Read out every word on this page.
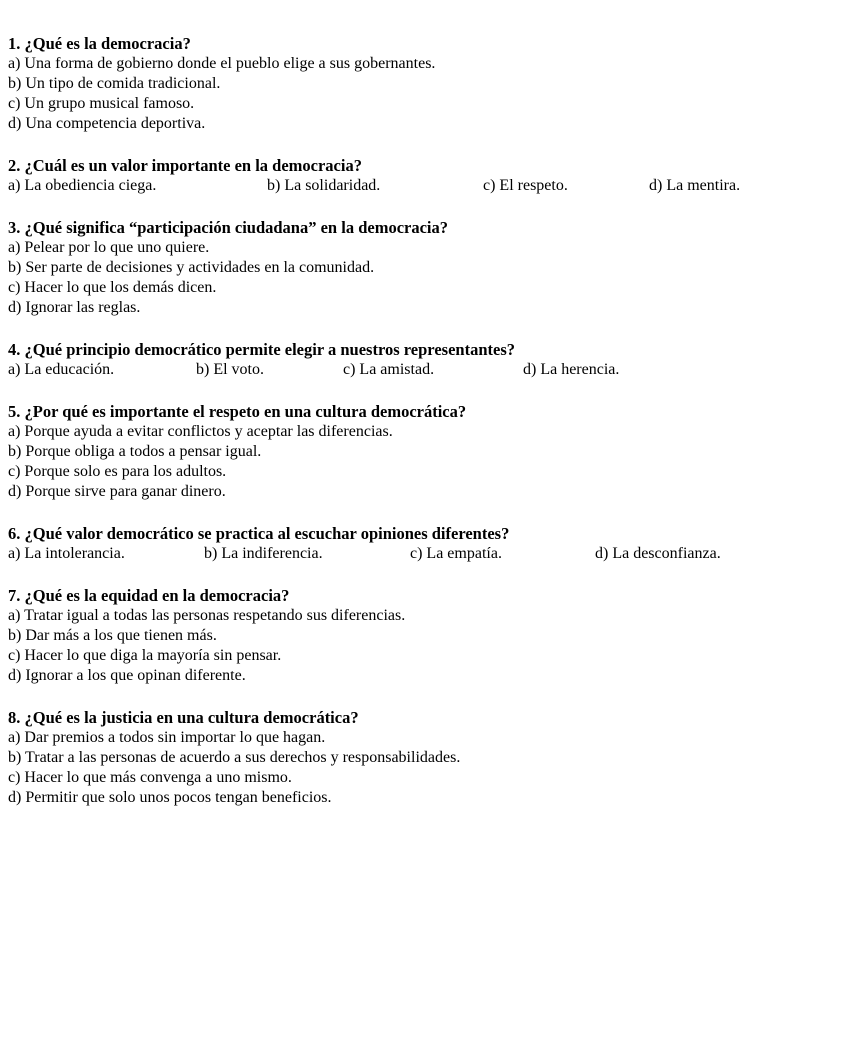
1. ¿Qué es la democracia?
a) Una forma de gobierno donde el pueblo elige a sus gobernantes.
b) Un tipo de comida tradicional.
c) Un grupo musical famoso.
d) Una competencia deportiva.
2. ¿Cuál es un valor importante en la democracia?
a) La obediencia ciega.	b) La solidaridad.	c) El respeto.	d) La mentira.
3. ¿Qué significa “participación ciudadana” en la democracia?
a) Pelear por lo que uno quiere.
b) Ser parte de decisiones y actividades en la comunidad.
c) Hacer lo que los demás dicen.
d) Ignorar las reglas.
4. ¿Qué principio democrático permite elegir a nuestros representantes?
a) La educación.	b) El voto.	c) La amistad.	d) La herencia.
5. ¿Por qué es importante el respeto en una cultura democrática?
a) Porque ayuda a evitar conflictos y aceptar las diferencias.
b) Porque obliga a todos a pensar igual.
c) Porque solo es para los adultos.
d) Porque sirve para ganar dinero.
6. ¿Qué valor democrático se practica al escuchar opiniones diferentes?
a) La intolerancia.	b) La indiferencia.	c) La empatía.	d) La desconfianza.
7. ¿Qué es la equidad en la democracia?
a) Tratar igual a todas las personas respetando sus diferencias.
b) Dar más a los que tienen más.
c) Hacer lo que diga la mayoría sin pensar.
d) Ignorar a los que opinan diferente.
8. ¿Qué es la justicia en una cultura democrática?
a) Dar premios a todos sin importar lo que hagan.
b) Tratar a las personas de acuerdo a sus derechos y responsabilidades.
c) Hacer lo que más convenga a uno mismo.
d) Permitir que solo unos pocos tengan beneficios.
